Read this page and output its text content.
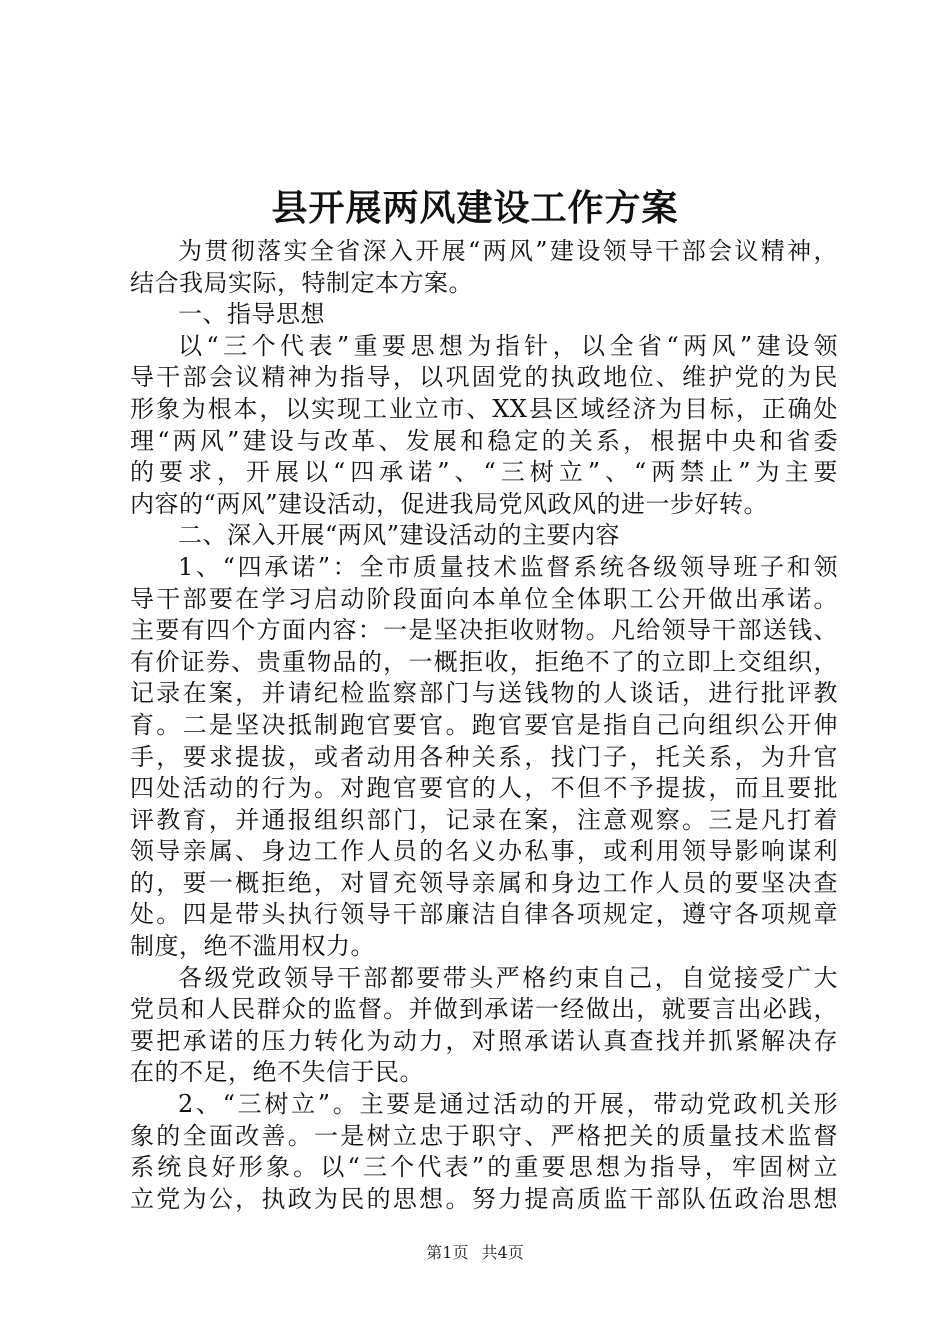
县开展两风建设工作方案
为贯彻落实全省深入开展“两风”建设领导干部会议精神，
结合我局实际，特制定本方案。
一、指导思想
以“三个代表”重要思想为指针，以全省“两风”建设领
导干部会议精神为指导，以巩固党的执政地位、维护党的为民
形象为根本，以实现工业立市、XX县区域经济为目标，正确处
理“两风”建设与改革、发展和稳定的关系，根据中央和省委
的要求，开展以“四承诺”、“三树立”、“两禁止”为主要
内容的“两风”建设活动，促进我局党风政风的进一步好转。
二、深入开展“两风”建设活动的主要内容
1、“四承诺”：全市质量技术监督系统各级领导班子和领
导干部要在学习启动阶段面向本单位全体职工公开做出承诺。
主要有四个方面内容：一是坚决拒收财物。凡给领导干部送钱、
有价证券、贵重物品的，一概拒收，拒绝不了的立即上交组织，
记录在案，并请纪检监察部门与送钱物的人谈话，进行批评教
育。二是坚决抵制跑官要官。跑官要官是指自己向组织公开伸
手，要求提拔，或者动用各种关系，找门子，托关系，为升官
四处活动的行为。对跑官要官的人，不但不予提拔，而且要批
评教育，并通报组织部门，记录在案，注意观察。三是凡打着
领导亲属、身边工作人员的名义办私事，或利用领导影响谋利
的，要一概拒绝，对冒充领导亲属和身边工作人员的要坚决查
处。四是带头执行领导干部廉洁自律各项规定，遵守各项规章
制度，绝不滥用权力。
各级党政领导干部都要带头严格约束自己，自觉接受广大
党员和人民群众的监督。并做到承诺一经做出，就要言出必践，
要把承诺的压力转化为动力，对照承诺认真查找并抓紧解决存
在的不足，绝不失信于民。
2、“三树立”。主要是通过活动的开展，带动党政机关形
象的全面改善。一是树立忠于职守、严格把关的质量技术监督
系统良好形象。以“三个代表”的重要思想为指导，牢固树立
立党为公，执政为民的思想。努力提高质监干部队伍政治思想
第1页 共4页
